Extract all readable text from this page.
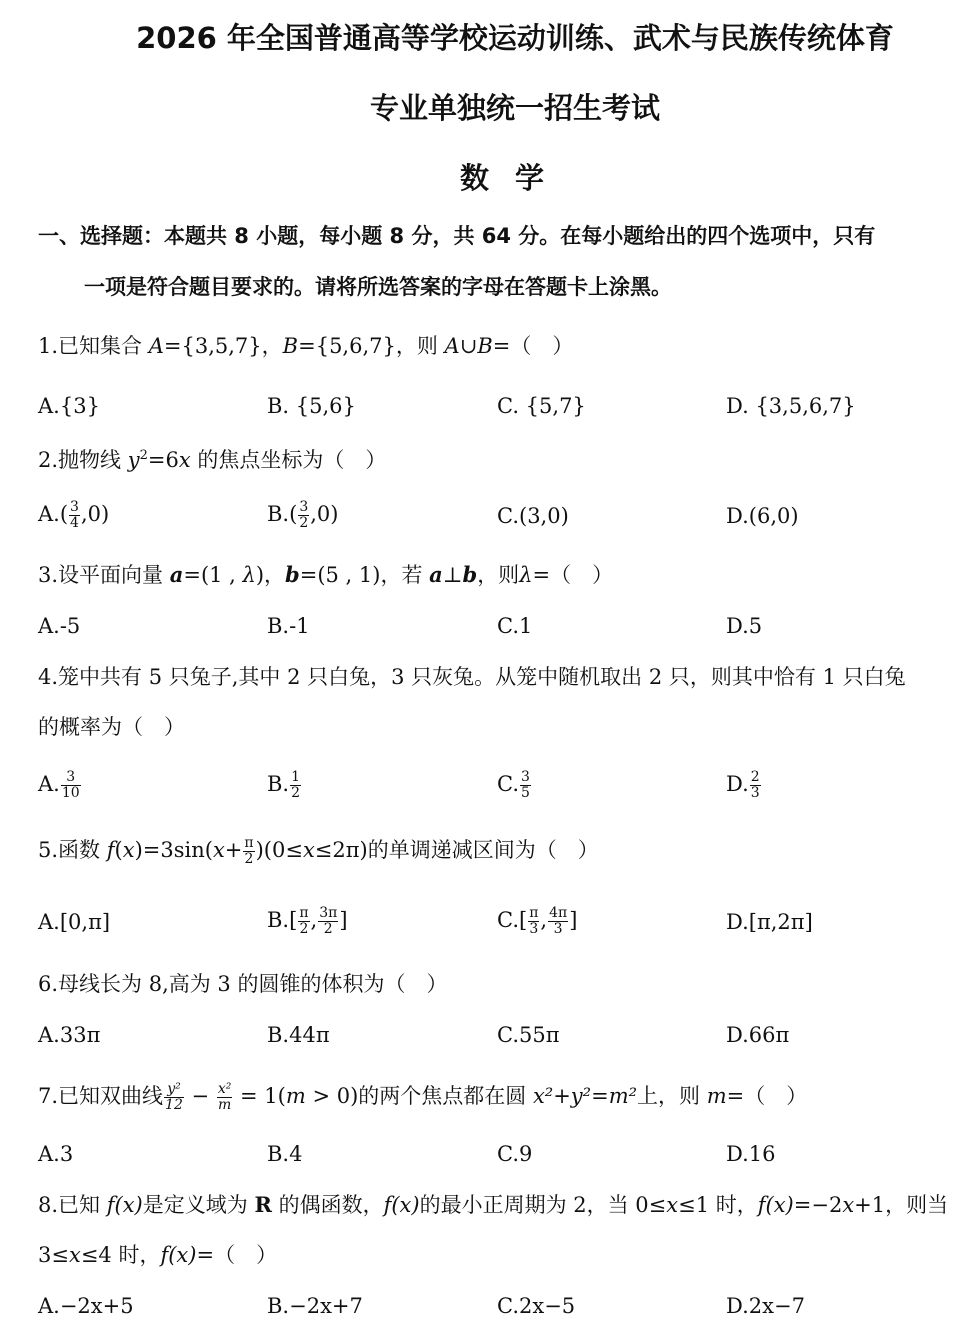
2026 年全国普通高等学校运动训练、武术与民族传统体育
专业单独统一招生考试
数学
一、选择题：本题共 8 小题，每小题 8 分，共 64 分。在每小题给出的四个选项中，只有
一项是符合题目要求的。请将所选答案的字母在答题卡上涂黑。
1.已知集合 A={3,5,7}，B={5,6,7}，则 A∪B=（　）
A.{3}	B. {5,6}	C. {5,7}	D. {3,5,6,7}
2.抛物线 $y^2=6x$ 的焦点坐标为（　）
$A.( \frac{3}{4} ,0)$	$B.( \frac{3}{2} ,0)$	C.(3,0)	D.(6,0)
3.设平面向量 a=(1 , λ)，b=(5 , 1)，若 a⊥b，则λ=（　）
A.-5	B.-1	C.1	D.5
4.笼中共有 5 只兔子,其中 2 只白兔，3 只灰兔。从笼中随机取出 2 只，则其中恰有 1 只白兔
的概率为（　）
A. $\frac{3}{10}$	B. $\frac{1}{2}$	C. $\frac{3}{5}$	D. $\frac{2}{3}$
5.函数 $f(x)=3\sin(x+ \frac{\pi}{2} )(0\le x\le 2\pi)$的单调递减区间为（　）
A.[0,π]	$B.[ \frac{\pi}{2}$ , $\frac{3\pi}{2}$ ]	$C.[ \frac{\pi}{3}$ , $\frac{4\pi}{3}$ ]	D.[π,2π]
6.母线长为 8,高为 3 的圆锥的体积为（　）
A.33π	B.44π	C.55π	D.66π
7.已知双曲线 $\frac{\text{y²}}{12} - \frac{\text{x²}}{m} = 1(m > 0)$的两个焦点都在圆 x²+y²=m²上，则 m=（　）
A.3	B.4	C.9	D.16
8.已知 f(x)是定义域为 R 的偶函数，f(x)的最小正周期为 2，当 0≤x≤1 时，f(x)=−2x+1，则当
3≤x≤4 时，f(x)=（　）
A.−2x+5	B.−2x+7	C.2x−5	D.2x−7
